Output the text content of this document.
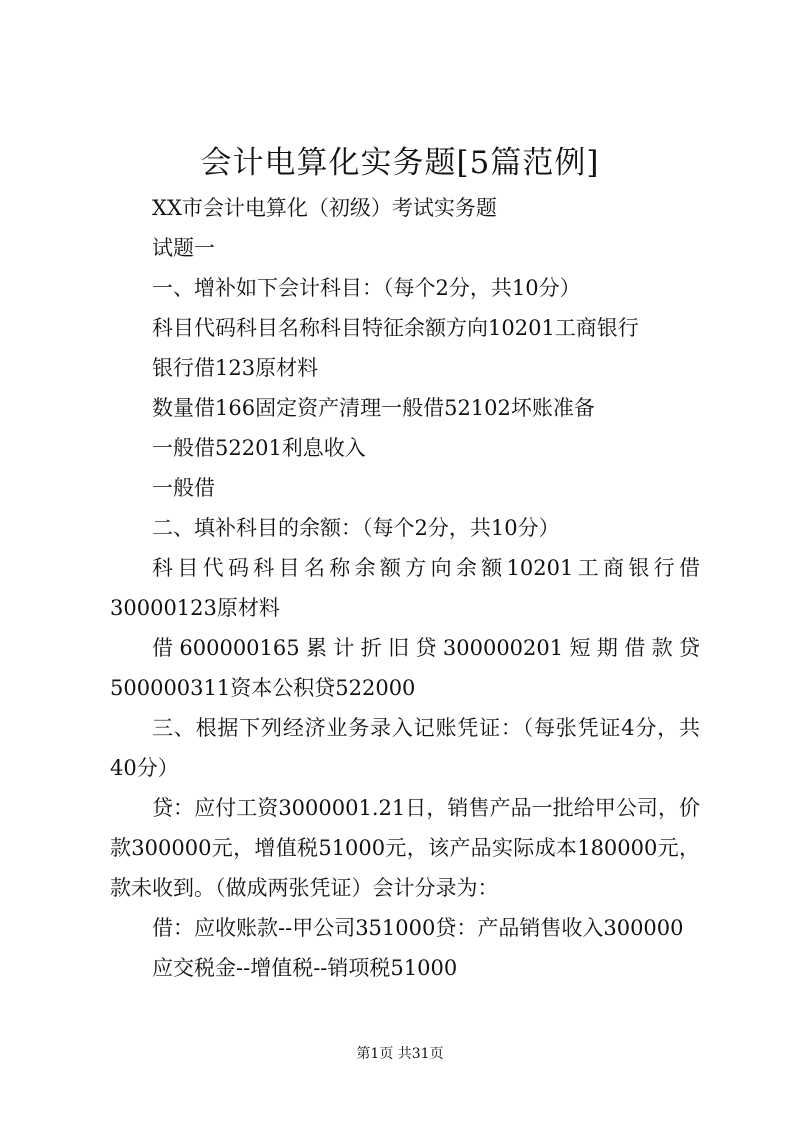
会计电算化实务题[5篇范例]

XX市会计电算化（初级）考试实务题

试题一

一、增补如下会计科目：（每个2分，共10分）

科目代码科目名称科目特征余额方向10201工商银行

银行借123原材料

数量借166固定资产清理一般借52102坏账准备

一般借52201利息收入

一般借

二、填补科目的余额：（每个2分，共10分）

科目代码科目名称余额方向余额10201工商银行借30000123原材料

借600000165累计折旧贷300000201短期借款贷500000311资本公积贷522000

三、根据下列经济业务录入记账凭证：（每张凭证4分，共40分）

贷：应付工资3000001.21日，销售产品一批给甲公司，价款300000元，增值税51000元，该产品实际成本180000元，款未收到。（做成两张凭证）会计分录为：

借：应收账款--甲公司351000贷：产品销售收入300000

应交税金--增值税--销项税51000

第1页 共31页
